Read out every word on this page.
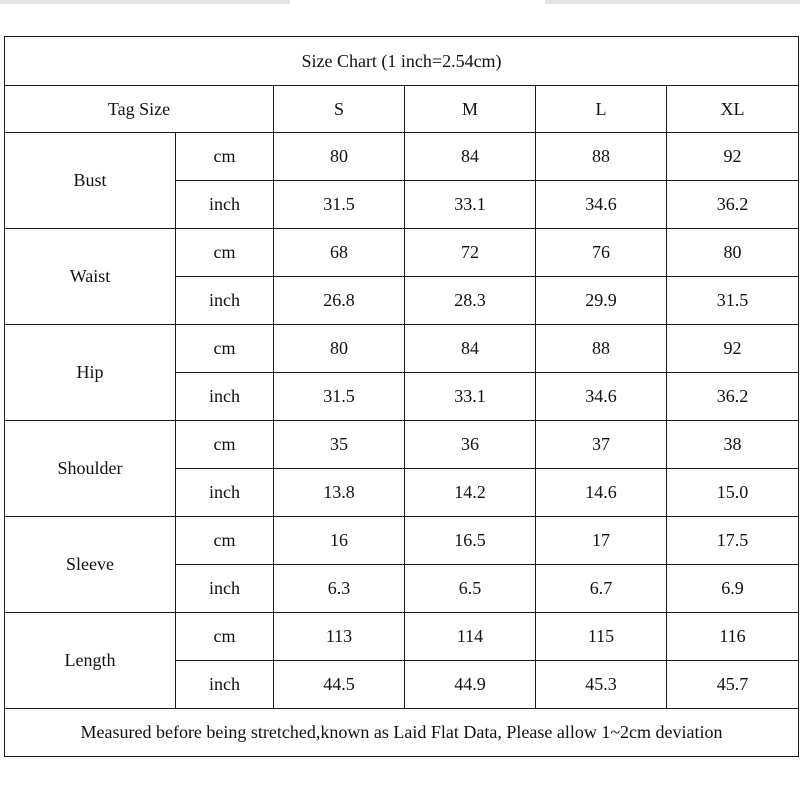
Size Chart (1 inch=2.54cm)					
Tag Size		S	M	L	XL
Bust	cm	80	84	88	92
	inch	31.5	33.1	34.6	36.2
Waist	cm	68	72	76	80
	inch	26.8	28.3	29.9	31.5
Hip	cm	80	84	88	92
	inch	31.5	33.1	34.6	36.2
Shoulder	cm	35	36	37	38
	inch	13.8	14.2	14.6	15.0
Sleeve	cm	16	16.5	17	17.5
	inch	6.3	6.5	6.7	6.9
Length	cm	113	114	115	116
	inch	44.5	44.9	45.3	45.7
Measured before being stretched,known as Laid Flat Data, Please allow 1~2cm deviation					
